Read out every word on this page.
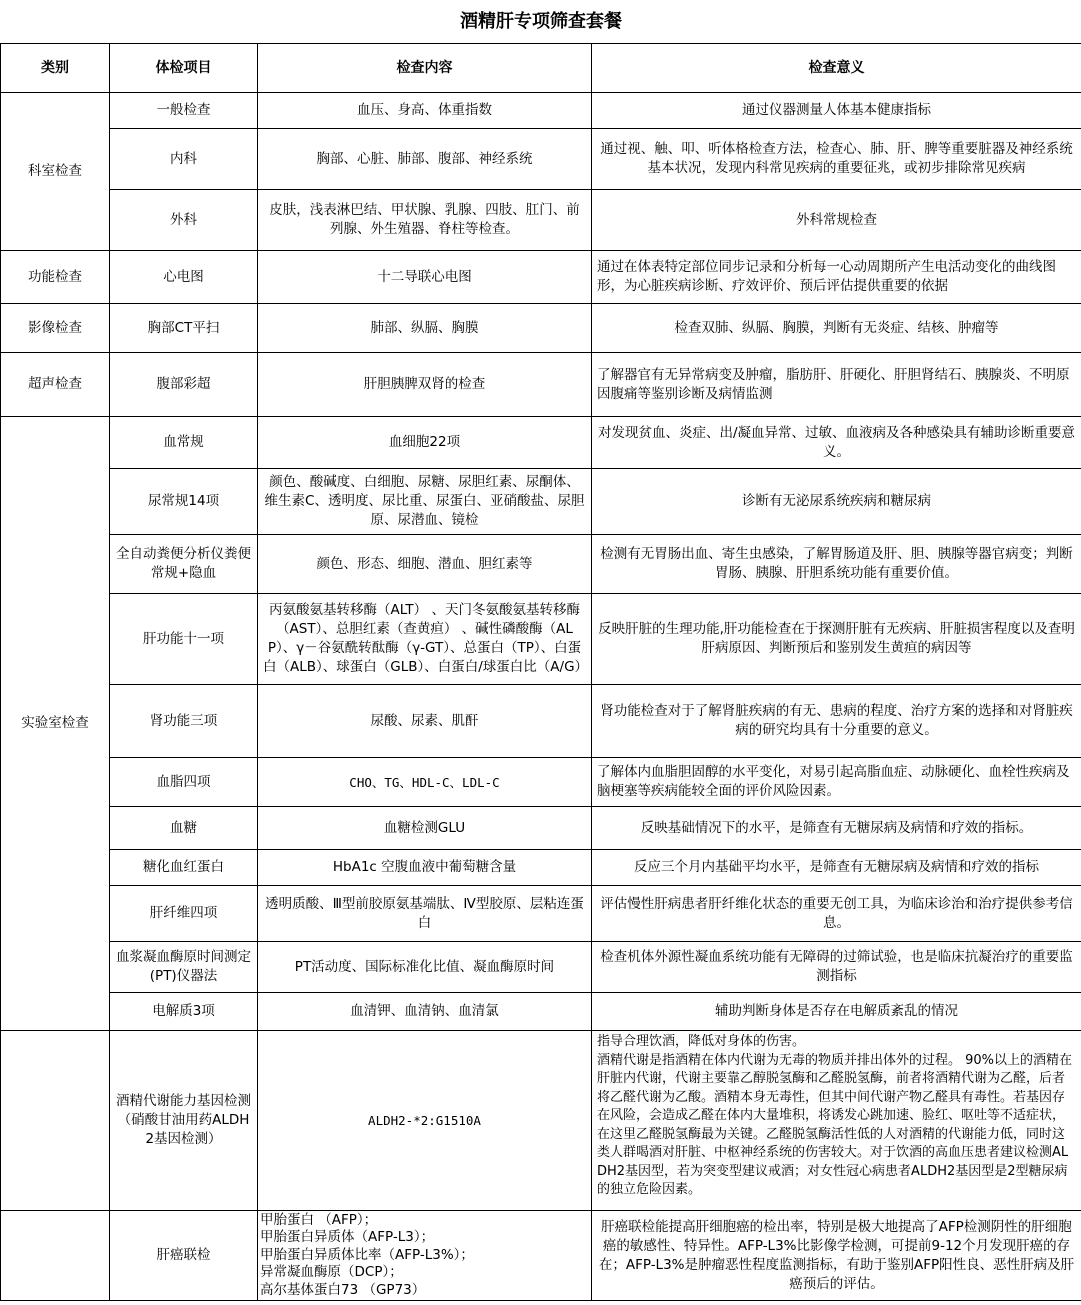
酒精肝专项筛查套餐			
类别	体检项目	检查内容	检查意义
科室检查	一般检查	血压、身高、体重指数	通过仪器测量人体基本健康指标
	内科	胸部、心脏、肺部、腹部、神经系统	通过视、触、叩、听体格检查方法，检查心、肺、肝、脾等重要脏器及神经系统基本状况，发现内科常见疾病的重要征兆，或初步排除常见疾病
	外科	皮肤，浅表淋巴结、甲状腺、乳腺、四肢、肛门、前列腺、外生殖器、脊柱等检查。	外科常规检查
功能检查	心电图	十二导联心电图	通过在体表特定部位同步记录和分析每一心动周期所产生电活动变化的曲线图形，为心脏疾病诊断、疗效评价、预后评估提供重要的依据
影像检查	胸部CT平扫	肺部、纵膈、胸膜	检查双肺、纵膈、胸膜，判断有无炎症、结核、肿瘤等
超声检查	腹部彩超	肝胆胰脾双肾的检查	了解器官有无异常病变及肿瘤，脂肪肝、肝硬化、肝胆肾结石、胰腺炎、不明原因腹痛等鉴别诊断及病情监测
实验室检查	血常规	血细胞22项	对发现贫血、炎症、出/凝血异常、过敏、血液病及各种感染具有辅助诊断重要意义。
	尿常规14项	颜色、酸碱度、白细胞、尿糖、尿胆红素、尿酮体、维生素C、透明度、尿比重、尿蛋白、亚硝酸盐、尿胆原、尿潜血、镜检	诊断有无泌尿系统疾病和糖尿病
	全自动粪便分析仪粪便常规+隐血	颜色、形态、细胞、潜血、胆红素等	检测有无胃肠出血、寄生虫感染，了解胃肠道及肝、胆、胰腺等器官病变；判断胃肠、胰腺、肝胆系统功能有重要价值。
	肝功能十一项	丙氨酸氨基转移酶（ALT） 、天门冬氨酸氨基转移酶（AST）、总胆红素（查黄疸） 、碱性磷酸酶（ALP）、γ－谷氨酰转酞酶（γ-GT）、总蛋白（TP）、白蛋白（ALB）、球蛋白（GLB）、白蛋白/球蛋白比（A/G）	反映肝脏的生理功能,肝功能检查在于探测肝脏有无疾病、肝脏损害程度以及查明肝病原因、判断预后和鉴别发生黄疸的病因等
	肾功能三项	尿酸、尿素、肌酐	肾功能检查对于了解肾脏疾病的有无、患病的程度、治疗方案的选择和对肾脏疾病的研究均具有十分重要的意义。
	血脂四项	CHO、TG、HDL-C、LDL-C	了解体内血脂胆固醇的水平变化，对易引起高脂血症、动脉硬化、血栓性疾病及脑梗塞等疾病能较全面的评价风险因素。
	血糖	血糖检测GLU	反映基础情况下的水平，是筛查有无糖尿病及病情和疗效的指标。
	糖化血红蛋白	HbA1c 空腹血液中葡萄糖含量	反应三个月内基础平均水平，是筛查有无糖尿病及病情和疗效的指标
	肝纤维四项	透明质酸、Ⅲ型前胶原氨基端肽、Ⅳ型胶原、层粘连蛋白	评估慢性肝病患者肝纤维化状态的重要无创工具，为临床诊治和治疗提供参考信息。
	血浆凝血酶原时间测定(PT)仪器法	PT活动度、国际标准化比值、凝血酶原时间	检查机体外源性凝血系统功能有无障碍的过筛试验，也是临床抗凝治疗的重要监测指标
	电解质3项	血清钾、血清钠、血清氯	辅助判断身体是否存在电解质紊乱的情况
	酒精代谢能力基因检测（硝酸甘油用药ALDH2基因检测）	ALDH2-*2:G1510A	指导合理饮酒，降低对身体的伤害。
酒精代谢是指酒精在体内代谢为无毒的物质并排出体外的过程。 90%以上的酒精在肝脏内代谢，代谢主要靠乙醇脱氢酶和乙醛脱氢酶，前者将酒精代谢为乙醛，后者将乙醛代谢为乙酸。酒精本身无毒性，但其中间代谢产物乙醛具有毒性。若基因存在风险，会造成乙醛在体内大量堆积，将诱发心跳加速、脸红、呕吐等不适症状，在这里乙醛脱氢酶最为关键。乙醛脱氢酶活性低的人对酒精的代谢能力低，同时这类人群喝酒对肝脏、中枢神经系统的伤害较大。对于饮酒的高血压患者建议检测ALDH2基因型，若为突变型建议戒酒；对女性冠心病患者ALDH2基因型是2型糖尿病的独立危险因素。
	肝癌联检	甲胎蛋白 （AFP）；
甲胎蛋白异质体（AFP-L3）；
甲胎蛋白异质体比率（AFP-L3%）；
异常凝血酶原（DCP）；
高尔基体蛋白73 （GP73）	肝癌联检能提高肝细胞癌的检出率，特别是极大地提高了AFP检测阴性的肝细胞癌的敏感性、特异性。AFP-L3%比影像学检测，可提前9-12个月发现肝癌的存在；AFP-L3%是肿瘤恶性程度监测指标，有助于鉴别AFP阳性良、恶性肝病及肝癌预后的评估。
